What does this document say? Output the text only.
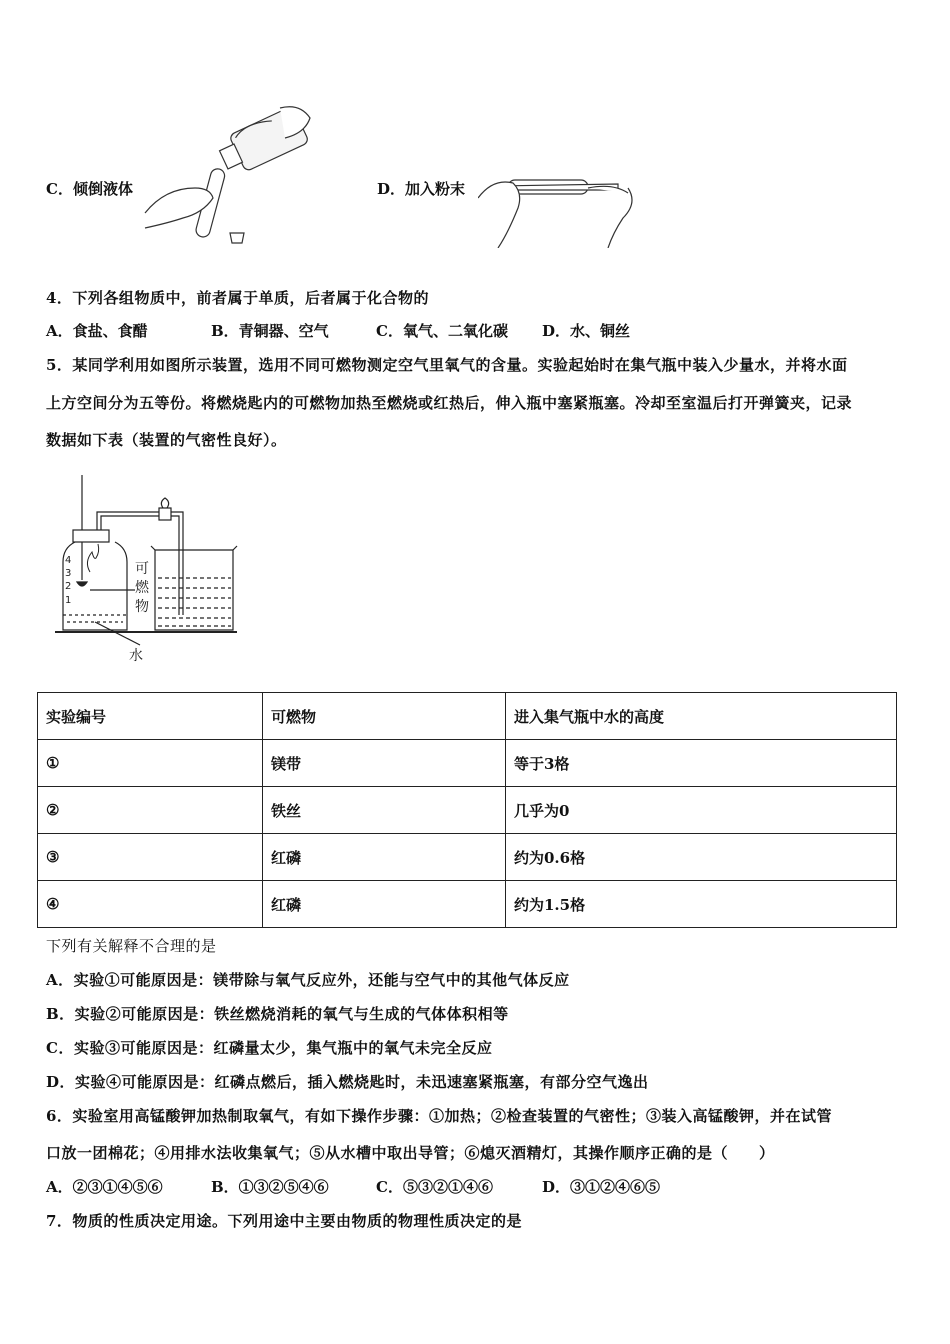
C．倾倒液体	D．加入粉末
4．下列各组物质中，前者属于单质，后者属于化合物的
A．食盐、食醋	B．青铜器、空气	C．氧气、二氧化碳 D．水、铜丝
5．某同学利用如图所示装置，选用不同可燃物测定空气里氧气的含量。实验起始时在集气瓶中装入少量水，并将水面
上方空间分为五等份。将燃烧匙内的可燃物加热至燃烧或红热后，伸入瓶中塞紧瓶塞。冷却至室温后打开弹簧夹，记录
数据如下表（装置的气密性良好）。
4
3
2
1
可
燃
物
水
实验编号	可燃物	进入集气瓶中水的高度
①	镁带	等于3格
②	铁丝	几乎为0
③	红磷	约为0.6格
④	红磷	约为1.5格
下列有关解释不合理的是
A．实验①可能原因是：镁带除与氧气反应外，还能与空气中的其他气体反应
B．实验②可能原因是：铁丝燃烧消耗的氧气与生成的气体体积相等
C．实验③可能原因是：红磷量太少，集气瓶中的氧气未完全反应
D．实验④可能原因是：红磷点燃后，插入燃烧匙时，未迅速塞紧瓶塞，有部分空气逸出
6．实验室用高锰酸钾加热制取氧气，有如下操作步骤：①加热；②检查装置的气密性；③装入高锰酸钾，并在试管
口放一团棉花；④用排水法收集氧气；⑤从水槽中取出导管；⑥熄灭酒精灯，其操作顺序正确的是（　　）
A．②③①④⑤⑥	B．①③②⑤④⑥	C．⑤③②①④⑥	D．③①②④⑥⑤
7．物质的性质决定用途。下列用途中主要由物质的物理性质决定的是
